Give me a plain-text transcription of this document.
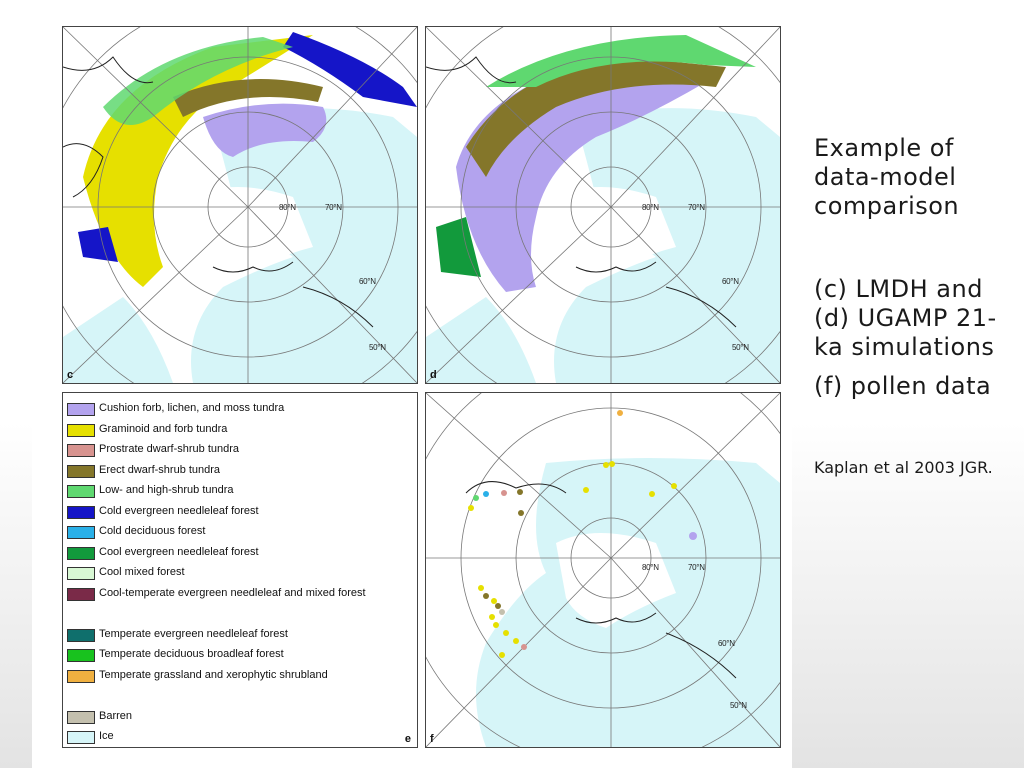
80°N	70°N
60°N
50°N
c
80°N	70°N
60°N
50°N
d
Cushion forb, lichen, and moss tundra
Graminoid and forb tundra
Prostrate dwarf-shrub tundra
Erect dwarf-shrub tundra
Low- and high-shrub tundra
Cold evergreen needleleaf forest
Cold deciduous forest
Cool evergreen needleleaf forest
Cool mixed forest
Cool-temperate evergreen needleleaf and mixed forest
Temperate evergreen needleleaf forest
Temperate deciduous broadleaf forest
Temperate grassland and xerophytic shrubland
Barren
Ice	e
80°N	70°N
60°N
50°N
f

Example of data-model comparison

(c) LMDH and (d) UGAMP 21-ka simulations

(f) pollen data

Kaplan et al 2003 JGR.
